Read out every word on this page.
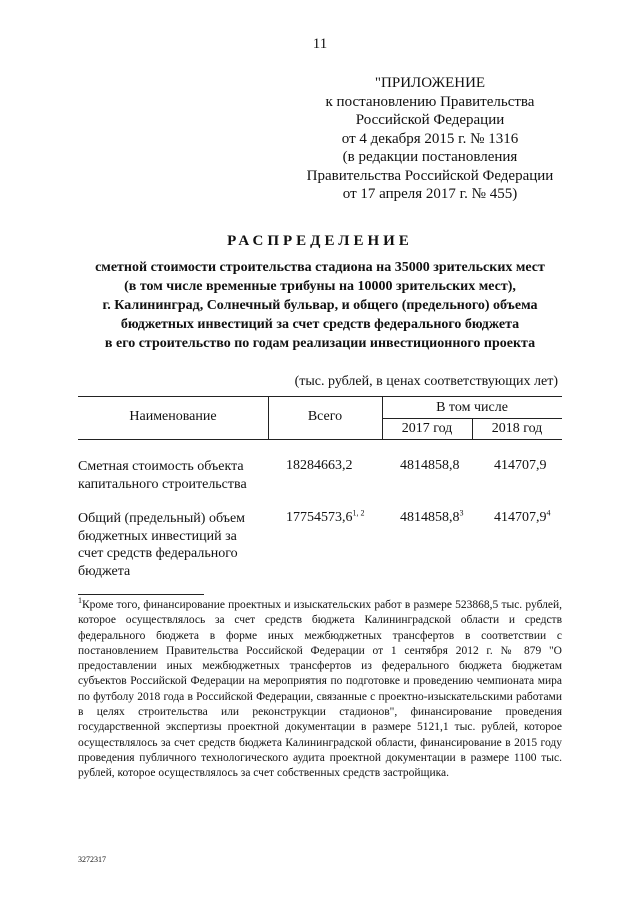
11
"ПРИЛОЖЕНИЕ
к постановлению Правительства
Российской Федерации
от 4 декабря 2015 г. № 1316
(в редакции постановления
Правительства Российской Федерации
от 17 апреля 2017 г. № 455)
РАСПРЕДЕЛЕНИЕ
сметной стоимости строительства стадиона на 35000 зрительских мест
(в том числе временные трибуны на 10000 зрительских мест),
г. Калининград, Солнечный бульвар, и общего (предельного) объема
бюджетных инвестиций за счет средств федерального бюджета
в его строительство по годам реализации инвестиционного проекта
(тыс. рублей, в ценах соответствующих лет)
Наименование	Всего
В том числе
2017 год	2018 год
Сметная стоимость объекта
капитального строительства
18284663,2	4814858,8 414707,9
Общий (предельный) объем
бюджетных инвестиций за
счет средств федерального
бюджета
17754573,6$^{1, 2}$	4814858,8$^3$ 414707,9$^4$
$^1$Кроме того, финансирование проектных и изыскательских работ в размере 523868,5 тыс. рублей, которое осуществлялось за счет средств бюджета Калининградской области и средств федерального бюджета в форме иных межбюджетных трансфертов в соответствии с постановлением Правительства Российской Федерации от 1 сентября 2012 г. № 879 "О предоставлении иных межбюджетных трансфертов из федерального бюджета бюджетам субъектов Российской Федерации на мероприятия по подготовке и проведению чемпионата мира по футболу 2018 года в Российской Федерации, связанные с проектно-изыскательскими работами в целях строительства или реконструкции стадионов", финансирование проведения государственной экспертизы проектной документации в размере 5121,1 тыс. рублей, которое осуществлялось за счет средств бюджета Калининградской области, финансирование в 2015 году проведения публичного технологического аудита проектной документации в размере 1100 тыс. рублей, которое осуществлялось за счет собственных средств застройщика.
3272317
